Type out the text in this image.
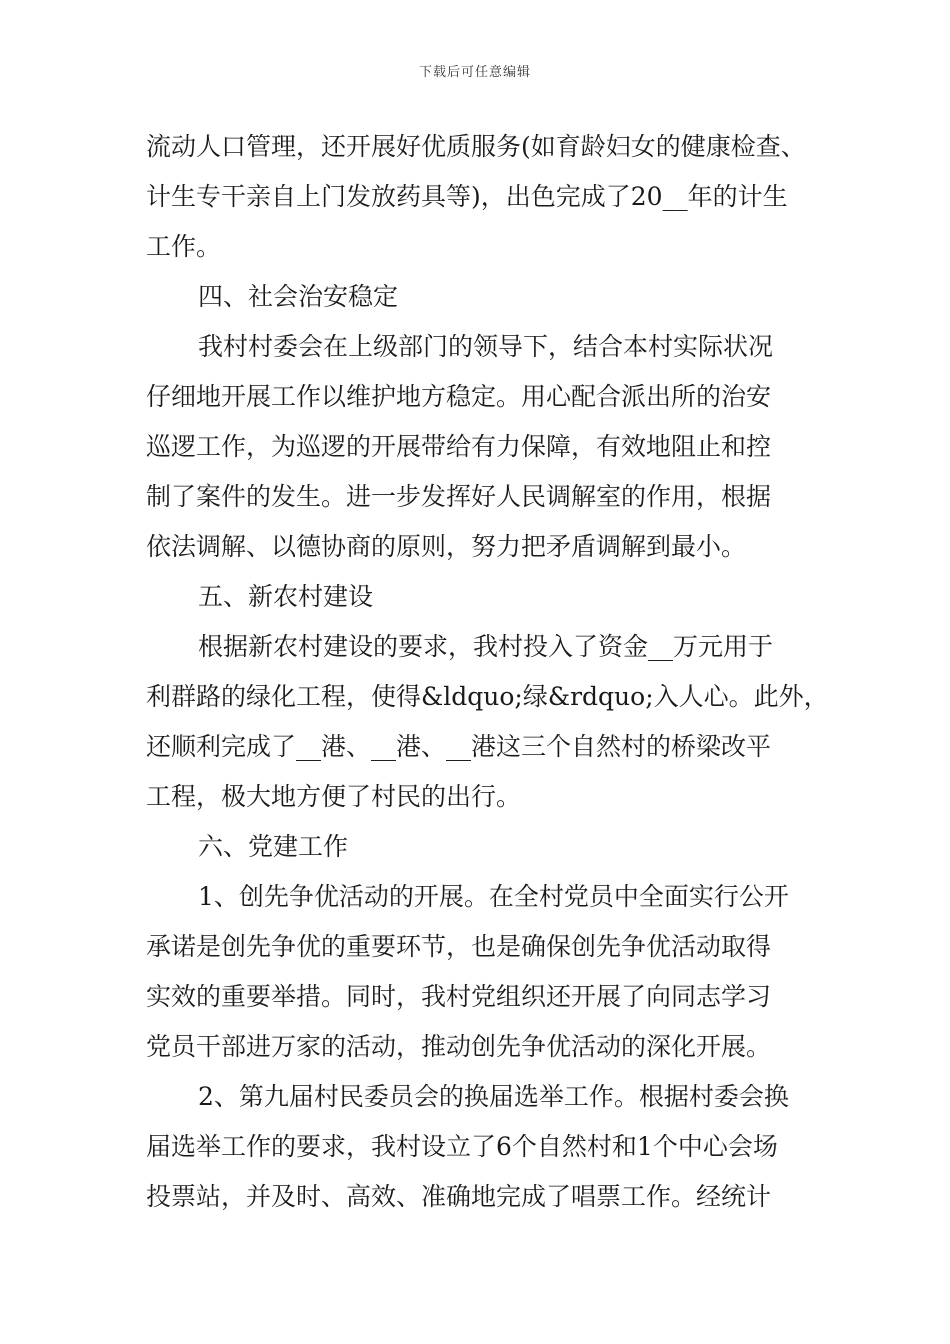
下载后可任意编辑
流动人口管理，还开展好优质服务(如育龄妇女的健康检查、
计生专干亲自上门发放药具等)，出色完成了20__年的计生
工作。
四、社会治安稳定
我村村委会在上级部门的领导下，结合本村实际状况
仔细地开展工作以维护地方稳定。用心配合派出所的治安
巡逻工作，为巡逻的开展带给有力保障，有效地阻止和控
制了案件的发生。进一步发挥好人民调解室的作用，根据
依法调解、以德协商的原则，努力把矛盾调解到最小。
五、新农村建设
根据新农村建设的要求，我村投入了资金__万元用于
利群路的绿化工程，使得&ldquo;绿&rdquo;入人心。此外，
还顺利完成了__港、__港、__港这三个自然村的桥梁改平
工程，极大地方便了村民的出行。
六、党建工作
1、创先争优活动的开展。在全村党员中全面实行公开
承诺是创先争优的重要环节，也是确保创先争优活动取得
实效的重要举措。同时，我村党组织还开展了向同志学习
党员干部进万家的活动，推动创先争优活动的深化开展。
2、第九届村民委员会的换届选举工作。根据村委会换
届选举工作的要求，我村设立了6个自然村和1个中心会场
投票站，并及时、高效、准确地完成了唱票工作。经统计
